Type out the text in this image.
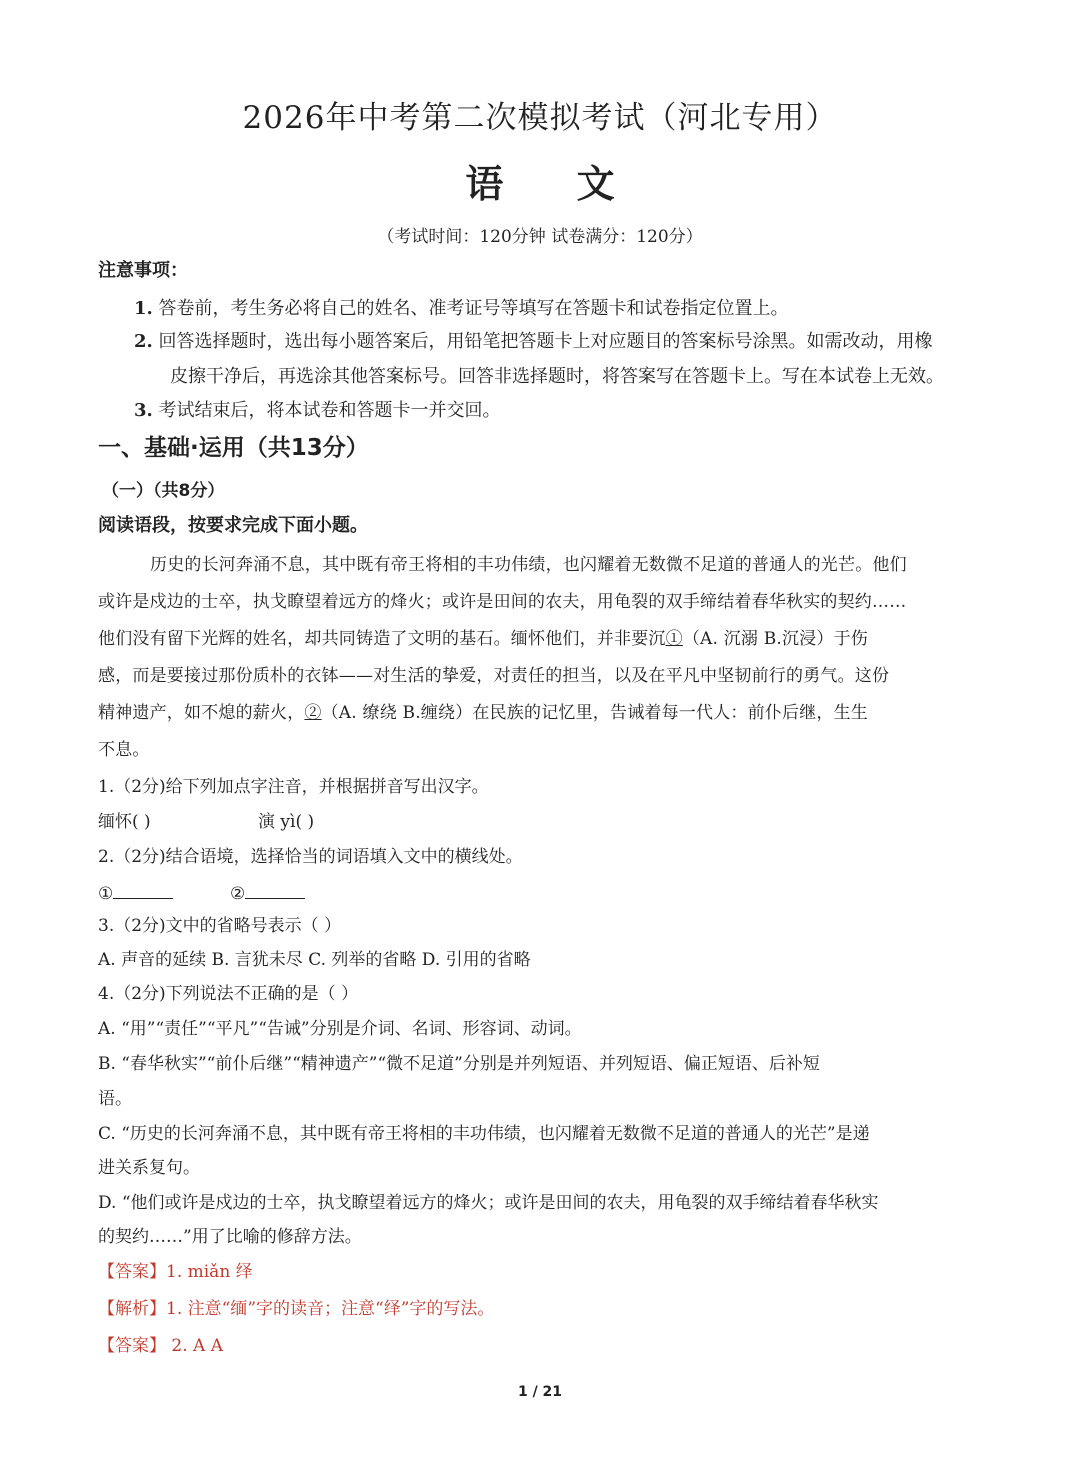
2026年中考第二次模拟考试（河北专用）
语 文
（考试时间：120分钟 试卷满分：120分）
注意事项：
1. 答卷前，考生务必将自己的姓名、准考证号等填写在答题卡和试卷指定位置上。
2. 回答选择题时，选出每小题答案后，用铅笔把答题卡上对应题目的答案标号涂黑。如需改动，用橡
皮擦干净后，再选涂其他答案标号。回答非选择题时，将答案写在答题卡上。写在本试卷上无效。
3. 考试结束后，将本试卷和答题卡一并交回。
一、基础·运用（共13分）
（一）（共8分）
阅读语段，按要求完成下面小题。
历史的长河奔涌不息，其中既有帝王将相的丰功伟绩，也闪耀着无数微不足道的普通人的光芒。他们
或许是戍边的士卒，执戈瞭望着远方的烽火；或许是田间的农夫，用龟裂的双手缔结着春华秋实的契约……
他们没有留下光辉的姓名，却共同铸造了文明的基石。缅怀他们，并非要沉①（A. 沉溺 B.沉浸）于伤
感，而是要接过那份质朴的衣钵——对生活的挚爱，对责任的担当，以及在平凡中坚韧前行的勇气。这份
精神遗产，如不熄的薪火，②（A. 缭绕 B.缠绕）在民族的记忆里，告诫着每一代人：前仆后继，生生
不息。
1.（2分)给下列加点字注音，并根据拼音写出汉字。
缅怀( )	演 yì( )
2.（2分)结合语境，选择恰当的词语填入文中的横线处。
①	②
3.（2分)文中的省略号表示（ ）
A. 声音的延续 B. 言犹未尽 C. 列举的省略 D. 引用的省略
4.（2分)下列说法不正确的是（ ）
A. “用”“责任”“平凡”“告诫”分别是介词、名词、形容词、动词。
B. “春华秋实”“前仆后继”“精神遗产”“微不足道”分别是并列短语、并列短语、偏正短语、后补短
语。
C. “历史的长河奔涌不息，其中既有帝王将相的丰功伟绩，也闪耀着无数微不足道的普通人的光芒”是递
进关系复句。
D. “他们或许是戍边的士卒，执戈瞭望着远方的烽火；或许是田间的农夫，用龟裂的双手缔结着春华秋实
的契约……”用了比喻的修辞方法。
【答案】1. miǎn 绎
【解析】1. 注意“缅”字的读音；注意“绎”字的写法。
【答案】 2. A A
1 / 21
